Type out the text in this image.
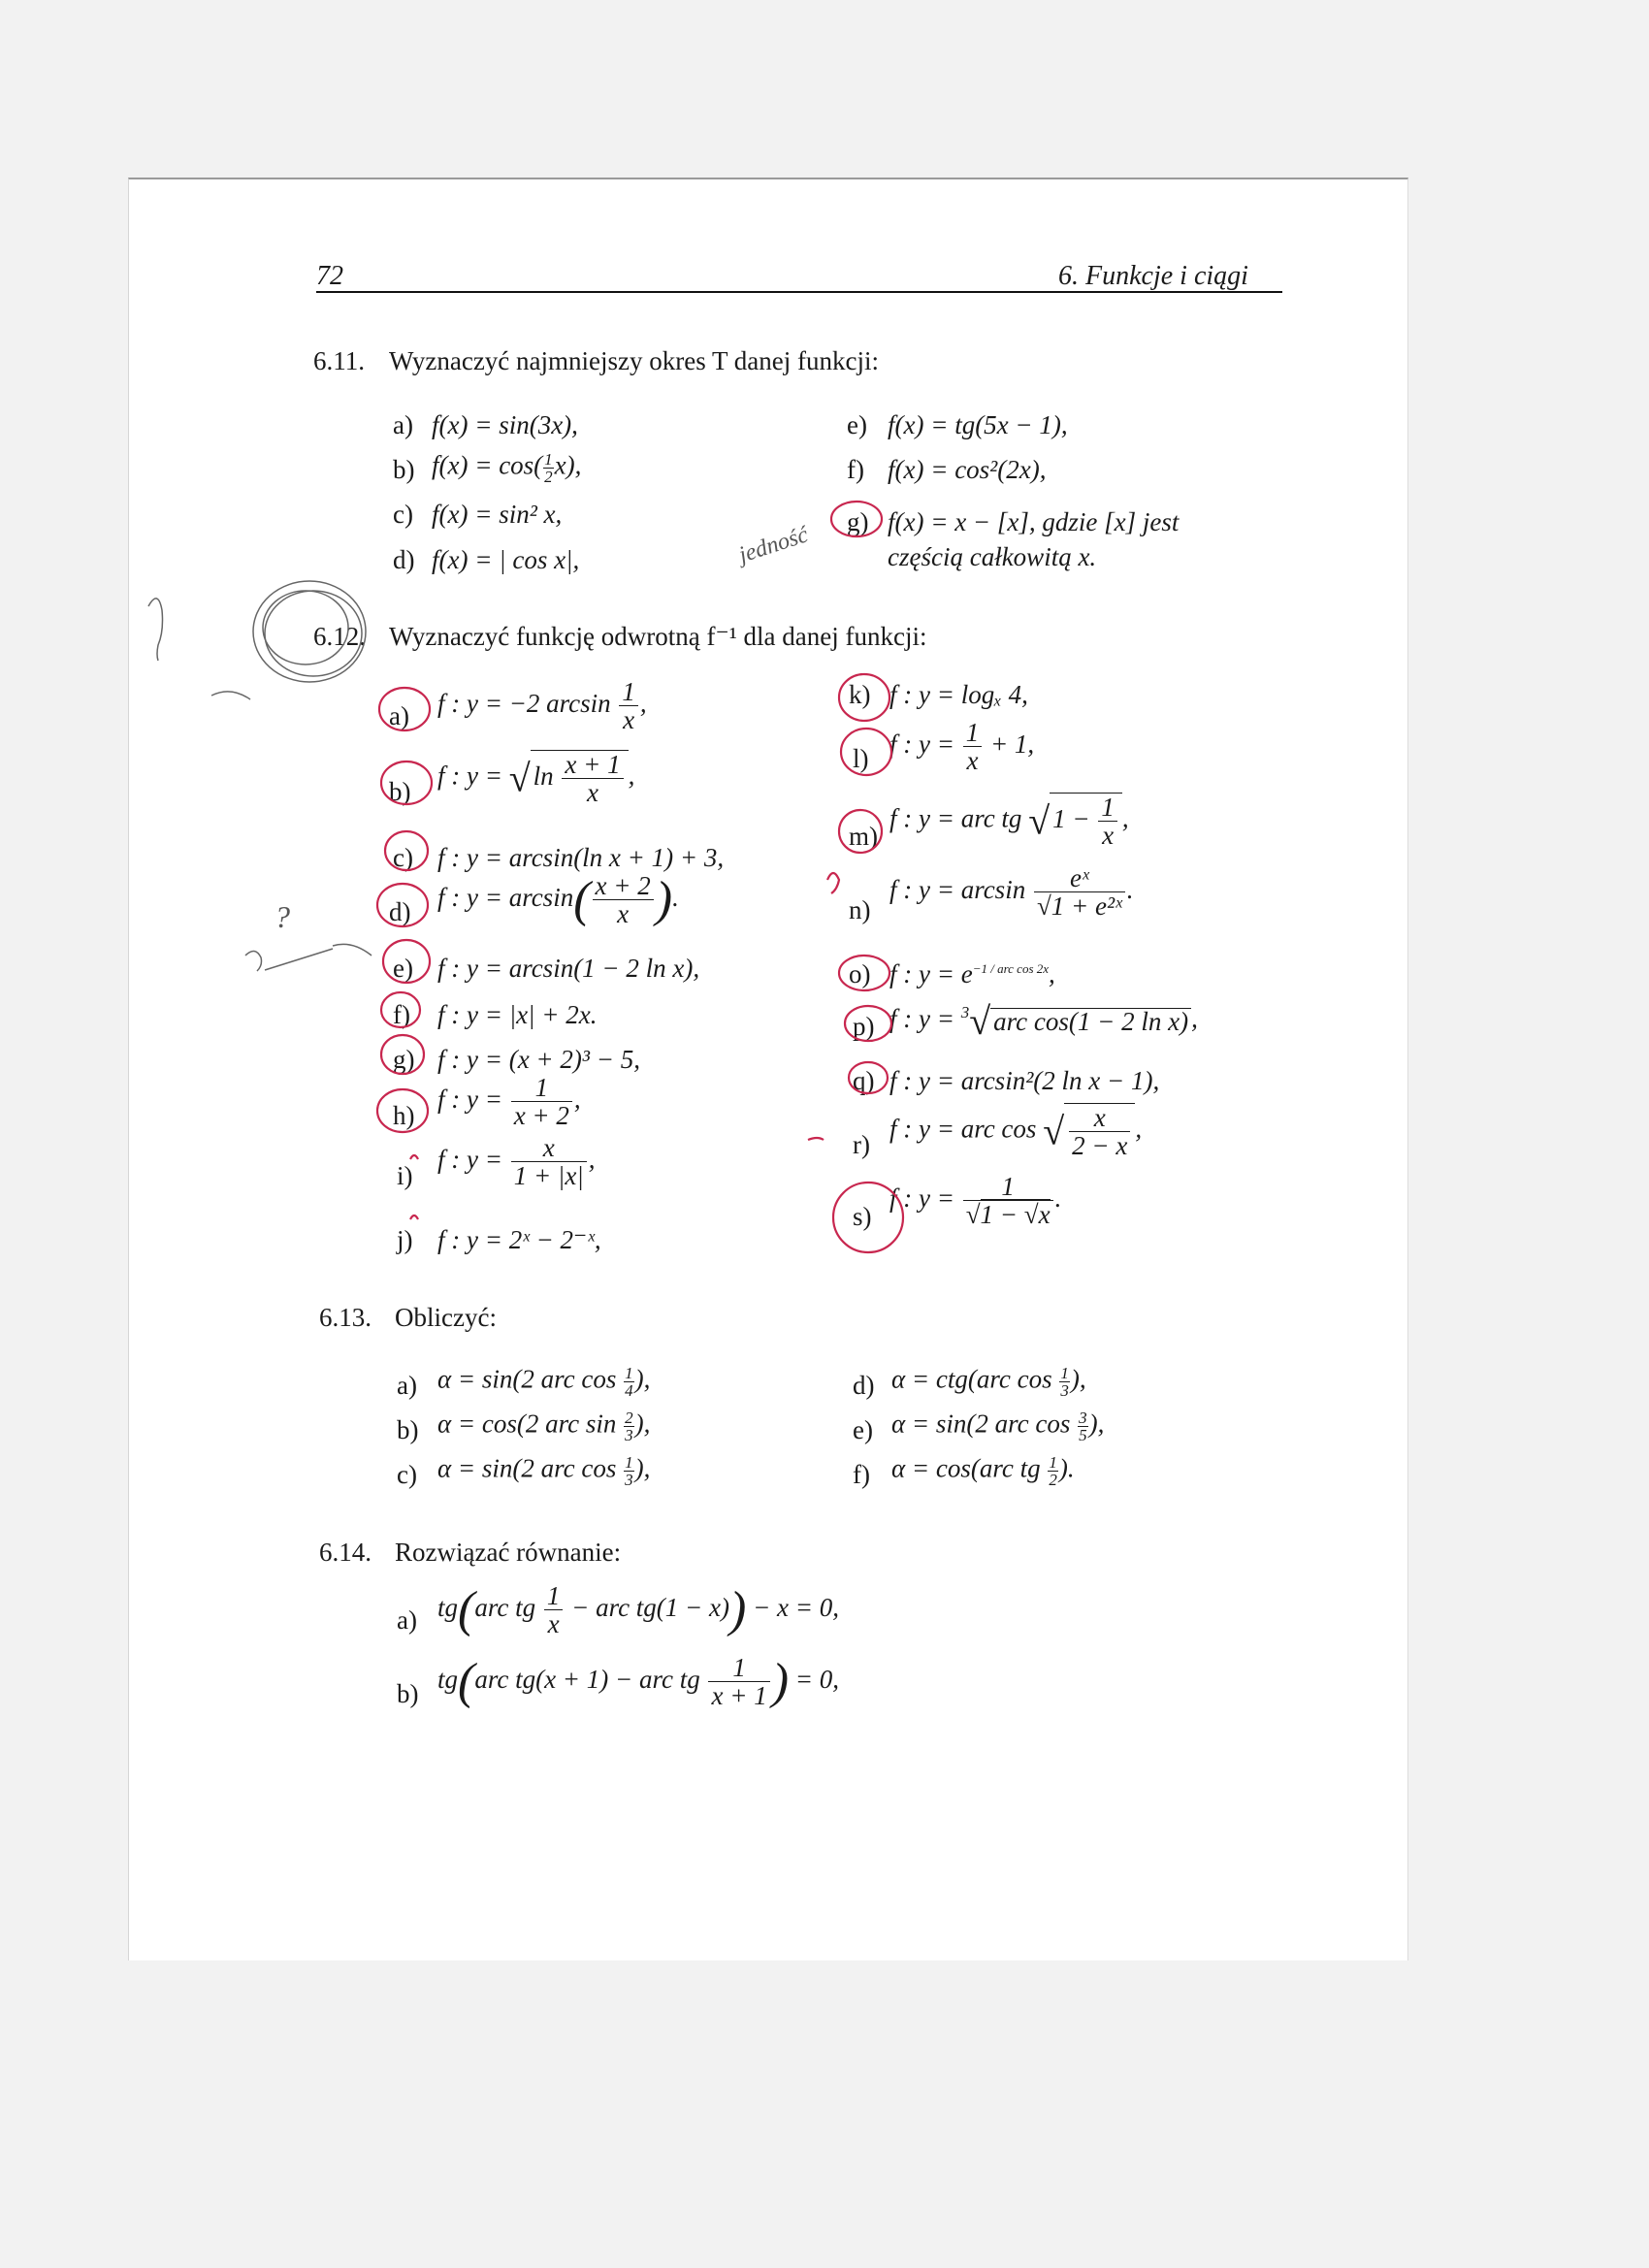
72	6. Funkcje i ciągi
6.11. Wyznaczyć najmniejszy okres T danej funkcji:
a) f(x) = sin(3x),
b) $f(x) = \cos( \frac{1}{2} x)$,
c) f(x) = sin² x,
d) f(x) = | cos x|,
e) f(x) = tg(5x − 1),
f) f(x) = cos²(2x),
g) f(x) = x − [x], gdzie [x] jest
częścią całkowitą x.
6.12. Wyznaczyć funkcję odwrotną f⁻¹ dla danej funkcji:
a) f : y = −2 $\arcsin \frac{1}{x}$ ,
b)
f : y = √ $\ln \frac{x + 1}{x}$ ,
c) f : y = arcsin(ln x + 1) + 3,
d) f : $y = \arcsin( \frac{x + 2}{x}$ ).
e) f : y = arcsin(1 − 2 ln x),
f) f : y = |x| + 2x.
g) f : y = (x + 2)³ − 5,
h)
f : $y = \frac{1}{x + 2}$ ,
i)
f : $y = \frac{x}{1 + |x|}$ ,
j) f : y = 2ˣ − 2⁻ˣ,
k) f : y = logₓ 4,
l) f : $y = \frac{1}{x} + 1$,
m)
f : y = arc tg √ $1 - \frac{1}{x}$ ,
n)
f : $y = \arcsin \frac{\text{eˣ}}{\text{√1 + e²ˣ}}$ .
o) f : $y = e^{-1 / arc cos 2x}$,
p) f : y = $^3$√ arc cos(1 − 2 ln x) ,
q) f : y = arcsin²(2 ln x − 1),
r)
f : y = arc cos √ $\frac{x}{2 - x}$ ,
s)
f : $y = \frac{1}{√1 - √x}$ .
6.13. Obliczyć:
a) α = sin(2 arc $\cos \frac{1}{4}$ ),
b) α = cos(2 arc $\sin \frac{2}{3}$ ),
c) α = sin(2 arc $\cos \frac{1}{3}$ ),
d) α = ctg(arc $\cos \frac{1}{3}$ ),
e) α = sin(2 arc $\cos \frac{3}{5}$ ),
f) α = cos(arc tg $\frac{1}{2}$ ).
6.14. Rozwiązać równanie:
a) tg(arc tg $\frac{1}{x}$ − arc tg(1 − x)) − x = 0,
b) tg(arc tg(x + 1) − arc tg $\frac{1}{x + 1}$ ) = 0,
jedność
?
